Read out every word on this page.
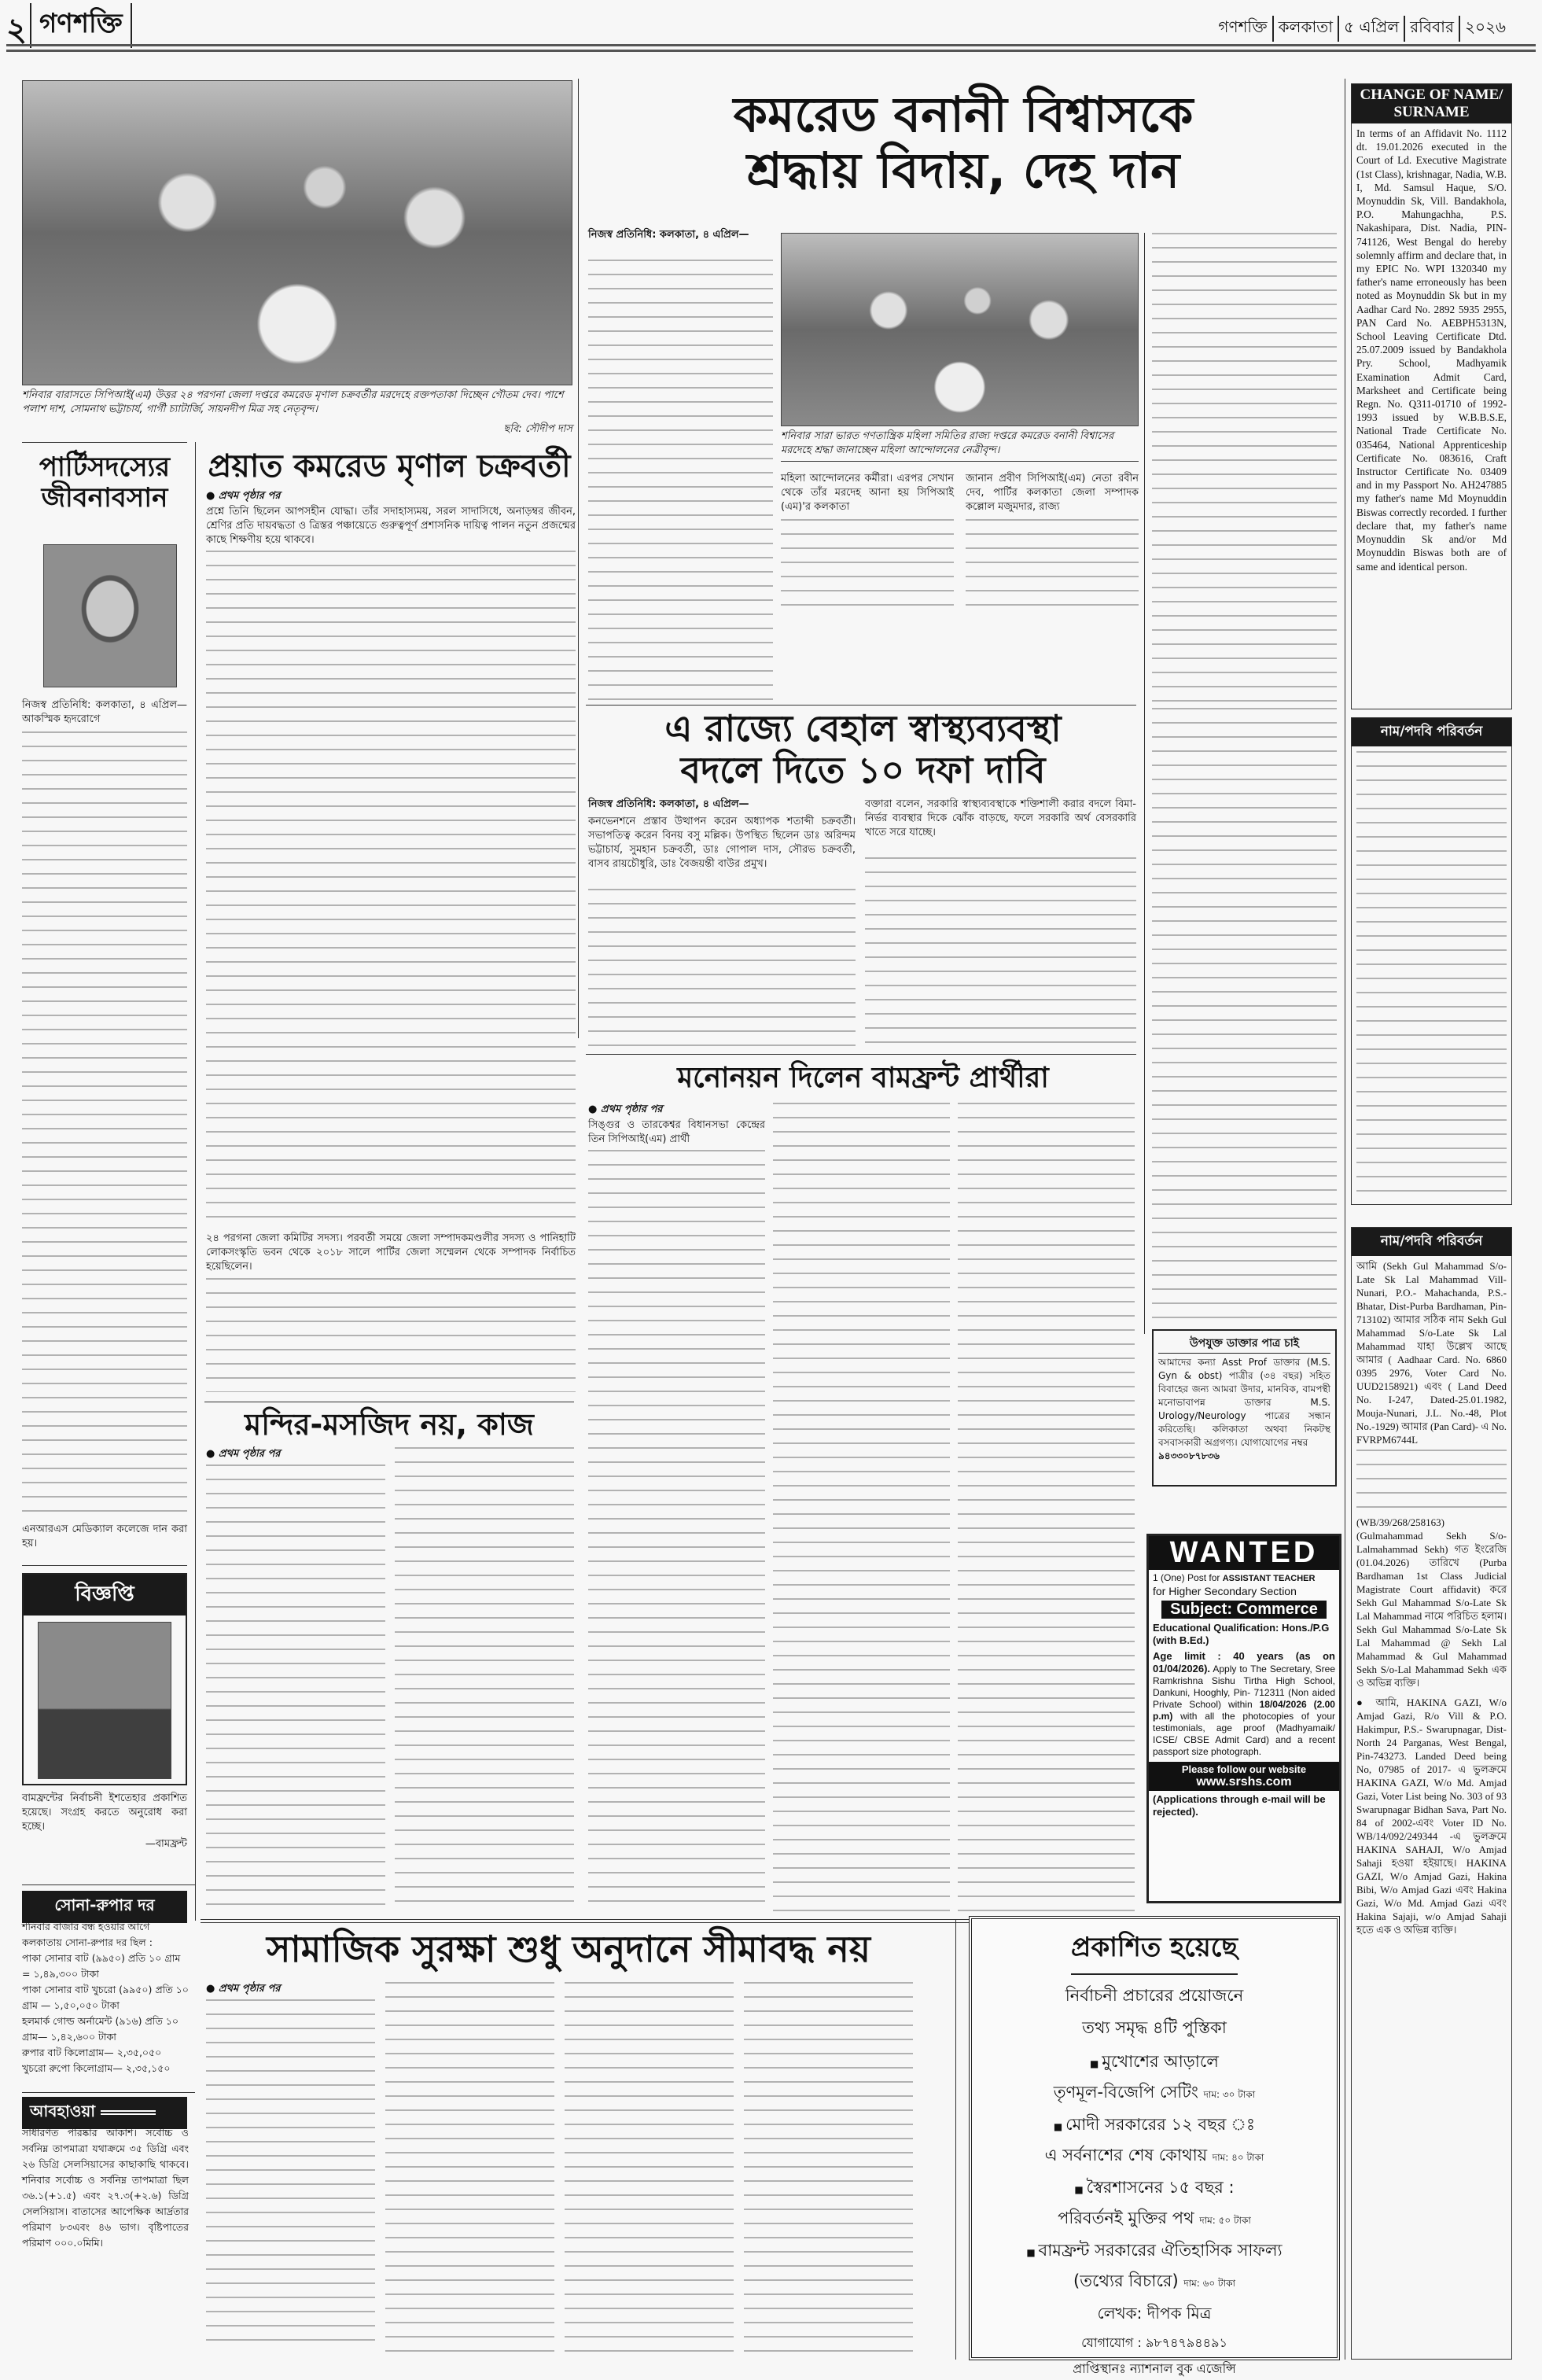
২ গণশক্তি	গণশক্তি কলকাতা ৫ এপ্রিল রবিবার ২০২৬
শনিবার বারাসতে সিপিআই(এম) উত্তর ২৪ পরগনা জেলা দপ্তরে কমরেড মৃণাল চক্রবর্তীর মরদেহে রক্তপতাকা দিচ্ছেন গৌতম দেব। পাশে পলাশ দাশ, সোমনাথ ভট্টাচার্য, গার্গী চ্যাটার্জি, সায়নদীপ মিত্র সহ নেতৃবৃন্দ।
ছবি: সৌদীপ দাস
কমরেড বনানী বিশ্বাসকে
শ্রদ্ধায় বিদায়, দেহ দান
নিজস্ব প্রতিনিধি: কলকাতা, ৪ এপ্রিল—
শনিবার সারা ভারত গণতান্ত্রিক মহিলা সমিতির রাজ্য দপ্তরে কমরেড বনানী বিশ্বাসের মরদেহে শ্রদ্ধা জানাচ্ছেন মহিলা আন্দোলনের নেত্রীবৃন্দ।
মহিলা আন্দোলনের কর্মীরা। এরপর সেখান থেকে তাঁর মরদেহ আনা হয় সিপিআই (এম)'র কলকাতা
জানান প্রবীণ সিপিআই(এম) নেতা রবীন দেব, পার্টির কলকাতা জেলা সম্পাদক কল্লোল মজুমদার, রাজ্য
পার্টিসদস্যের জীবনাবসান
নিজস্ব প্রতিনিধি: কলকাতা, ৪ এপ্রিল— আকস্মিক হৃদরোগে
এনআরএস মেডিক্যাল কলেজে দান করা হয়।
প্রয়াত কমরেড মৃণাল চক্রবর্তী
● প্রথম পৃষ্ঠার পর
প্রশ্নে তিনি ছিলেন আপসহীন যোদ্ধা। তাঁর সদাহাস্যময়, সরল সাদাসিধে, অনাড়ম্বর জীবন, শ্রেণির প্রতি দায়বদ্ধতা ও ত্রিস্তর পঞ্চায়েতে গুরুত্বপূর্ণ প্রশাসনিক দায়িত্ব পালন নতুন প্রজন্মের কাছে শিক্ষণীয় হয়ে থাকবে।
২৪ পরগনা জেলা কমিটির সদস্য। পরবর্তী সময়ে জেলা সম্পাদকমণ্ডলীর সদস্য ও পানিহাটি লোকসংস্কৃতি ভবন থেকে ২০১৮ সালে পার্টির জেলা সম্মেলন থেকে সম্পাদক নির্বাচিত হয়েছিলেন।
এ রাজ্যে বেহাল স্বাস্থ্যব্যবস্থা
বদলে দিতে ১০ দফা দাবি
নিজস্ব প্রতিনিধি: কলকাতা, ৪ এপ্রিল—
কনভেনশনে প্রস্তাব উত্থাপন করেন অধ্যাপক শতাব্দী চক্রবর্তী। সভাপতিত্ব করেন বিনয় বসু মল্লিক। উপস্থিত ছিলেন ডাঃ অরিন্দম ভট্টাচার্য, সুমহান চক্রবর্তী, ডাঃ গোপাল দাস, সৌরভ চক্রবর্তী, বাসব রায়চৌধুরি, ডাঃ বৈজয়ন্তী বাউর প্রমুখ।
বক্তারা বলেন, সরকারি স্বাস্থ্যব্যবস্থাকে শক্তিশালী করার বদলে বিমা-নির্ভর ব্যবস্থার দিকে ঝোঁক বাড়ছে, ফলে সরকারি অর্থ বেসরকারি খাতে সরে যাচ্ছে।
মনোনয়ন দিলেন বামফ্রন্ট প্রার্থীরা
● প্রথম পৃষ্ঠার পর
সিঙ্গুর ও তারকেশ্বর বিধানসভা কেন্দ্রের তিন সিপিআই(এম) প্রার্থী
মন্দির-মসজিদ নয়, কাজ
● প্রথম পৃষ্ঠার পর
বিজ্ঞপ্তি
বামফ্রন্টের নির্বাচনী ইশতেহার প্রকাশিত হয়েছে। সংগ্রহ করতে অনুরোধ করা হচ্ছে।
—বামফ্রন্ট
সোনা-রুপার দর
শনিবার বাজার বন্ধ হওয়ার আগে কলকাতায় সোনা-রুপার দর ছিল :
পাকা সোনার বাট (৯৯৫০) প্রতি ১০ গ্রাম = ১,৪৯,৩০০ টাকা
পাকা সোনার বাট খুচরো (৯৯৫০) প্রতি ১০ গ্রাম — ১,৫০,০৫০ টাকা
হলমার্ক গোল্ড অর্নামেন্ট (৯১৬) প্রতি ১০ গ্রাম— ১,৪২,৬০০ টাকা
রুপার বাট কিলোগ্রাম— ২,৩৫,০৫০
খুচরো রুপো কিলোগ্রাম— ২,৩৫,১৫০
আবহাওয়া
সাধারণত পরিষ্কার আকাশ। সর্বোচ্চ ও সর্বনিম্ন তাপমাত্রা যথাক্রমে ৩৫ ডিগ্রি এবং ২৬ ডিগ্রি সেলসিয়াসের কাছাকাছি থাকবে। শনিবার সর্বোচ্চ ও সর্বনিম্ন তাপমাত্রা ছিল ৩৬.১(+১.৫) এবং ২৭.৩(+২.৬) ডিগ্রি সেলসিয়াস। বাতাসের আপেক্ষিক আর্দ্রতার পরিমাণ ৮৩এবং ৪৬ ভাগ। বৃষ্টিপাতের পরিমাণ ০০০.০মিমি।
সামাজিক সুরক্ষা শুধু অনুদানে সীমাবদ্ধ নয়
● প্রথম পৃষ্ঠার পর
CHANGE OF NAME/ SURNAME
In terms of an Affidavit No. 1112 dt. 19.01.2026 executed in the Court of Ld. Executive Magistrate (1st Class), krishnagar, Nadia, W.B. I, Md. Samsul Haque, S/O. Moynuddin Sk, Vill. Bandakhola, P.O. Mahungachha, P.S. Nakashipara, Dist. Nadia, PIN-741126, West Bengal do hereby solemnly affirm and declare that, in my EPIC No. WPI 1320340 my father's name erroneously has been noted as Moynuddin Sk but in my Aadhar Card No. 2892 5935 2955, PAN Card No. AEBPH5313N, School Leaving Certificate Dtd. 25.07.2009 issued by Bandakhola Pry. School, Madhyamik Examination Admit Card, Marksheet and Certificate being Regn. No. Q311-01710 of 1992-1993 issued by W.B.B.S.E, National Trade Certificate No. 035464, National Apprenticeship Certificate No. 083616, Craft Instructor Certificate No. 03409 and in my Passport No. AH247885 my father's name Md Moynuddin Biswas correctly recorded. I further declare that, my father's name Moynuddin Sk and/or Md Moynuddin Biswas both are of same and identical person.
নাম/পদবি পরিবর্তন
নাম/পদবি পরিবর্তন
আমি (Sekh Gul Mahammad S/o-Late Sk Lal Mahammad Vill-Nunari, P.O.- Mahachanda, P.S.-Bhatar, Dist-Purba Bardhaman, Pin-713102) আমার সঠিক নাম Sekh Gul Mahammad S/o-Late Sk Lal Mahammad যাহা উল্লেখ আছে আমার ( Aadhaar Card. No. 6860 0395 2976, Voter Card No. UUD2158921) এবং ( Land Deed No. I-247, Dated-25.01.1982, Mouja-Nunari, J.L. No.-48, Plot No.-1929) আমার (Pan Card)- এ No. FVRPM6744L
(WB/39/268/258163) (Gulmahammad Sekh S/o-Lalmahammad Sekh) গত ইংরেজি (01.04.2026) তারিখে (Purba Bardhaman 1st Class Judicial Magistrate Court affidavit) করে Sekh Gul Mahammad S/o-Late Sk Lal Mahammad নামে পরিচিত হলাম। Sekh Gul Mahammad S/o-Late Sk Lal Mahammad @ Sekh Lal Mahammad & Gul Mahammad Sekh S/o-Lal Mahammad Sekh এক ও অভিন্ন ব্যক্তি।
● আমি, HAKINA GAZI, W/o Amjad Gazi, R/o Vill & P.O. Hakimpur, P.S.- Swarupnagar, Dist- North 24 Parganas, West Bengal, Pin-743273. Landed Deed being No, 07985 of 2017- এ ভুলক্রমে HAKINA GAZI, W/o Md. Amjad Gazi, Voter List being No. 303 of 93 Swarupnagar Bidhan Sava, Part No. 84 of 2002-এবং Voter ID No. WB/14/092/249344 -এ ভুলক্রমে HAKINA SAHAJI, W/o Amjad Sahaji হওয়া হইয়াছে। HAKINA GAZI, W/o Amjad Gazi, Hakina Bibi, W/o Amjad Gazi এবং Hakina Gazi, W/o Md. Amjad Gazi এবং Hakina Sajaji, w/o Amjad Sahaji হতে এক ও অভিন্ন ব্যক্তি।
উপযুক্ত ডাক্তার পাত্র চাই
আমাদের কন্যা Asst Prof ডাক্তার (M.S. Gyn & obst) পাত্রীর (৩৪ বছর) সহিত বিবাহের জন্য আমরা উদার, মানবিক, বামপন্থী মনোভাবাপন্ন ডাক্তার M.S. Urology/Neurology পাত্রের সন্ধান করিতেছি। কলিকাতা অথবা নিকটস্থ বসবাসকারী অগ্রগণ্য। যোগাযোগের নম্বর
৯৪৩৩০৮৭৮৩৬
WANTED
1 (One) Post for ASSISTANT TEACHER
for Higher Secondary Section
Subject: Commerce
Educational Qualification: Hons./P.G (with B.Ed.)
Age limit : 40 years (as on 01/04/2026). Apply to The Secretary, Sree Ramkrishna Sishu Tirtha High School, Dankuni, Hooghly, Pin- 712311 (Non aided Private School) within 18/04/2026 (2.00 p.m) with all the photocopies of your testimonials, age proof (Madhyamaik/ ICSE/ CBSE Admit Card) and a recent passport size photograph.
Please follow our website
www.srshs.com
(Applications through e-mail will be rejected).
প্রকাশিত হয়েছে
নির্বাচনী প্রচারের প্রয়োজনে
তথ্য সমৃদ্ধ ৪টি পুস্তিকা
■ মুখোশের আড়ালে
তৃণমূল-বিজেপি সেটিং দাম: ৩০ টাকা
■ মোদী সরকারের ১২ বছর ঃ
এ সর্বনাশের শেষ কোথায় দাম: ৪০ টাকা
■ স্বৈরশাসনের ১৫ বছর :
পরিবর্তনই মুক্তির পথ দাম: ৫০ টাকা
■ বামফ্রন্ট সরকারের ঐতিহাসিক সাফল্য
(তথ্যের বিচারে) দাম: ৬০ টাকা
লেখক: দীপক মিত্র
যোগাযোগ : ৯৮৭৪৭৯৪৪৯১
প্রাপ্তিস্থানঃ ন্যাশনাল বুক এজেন্সি
